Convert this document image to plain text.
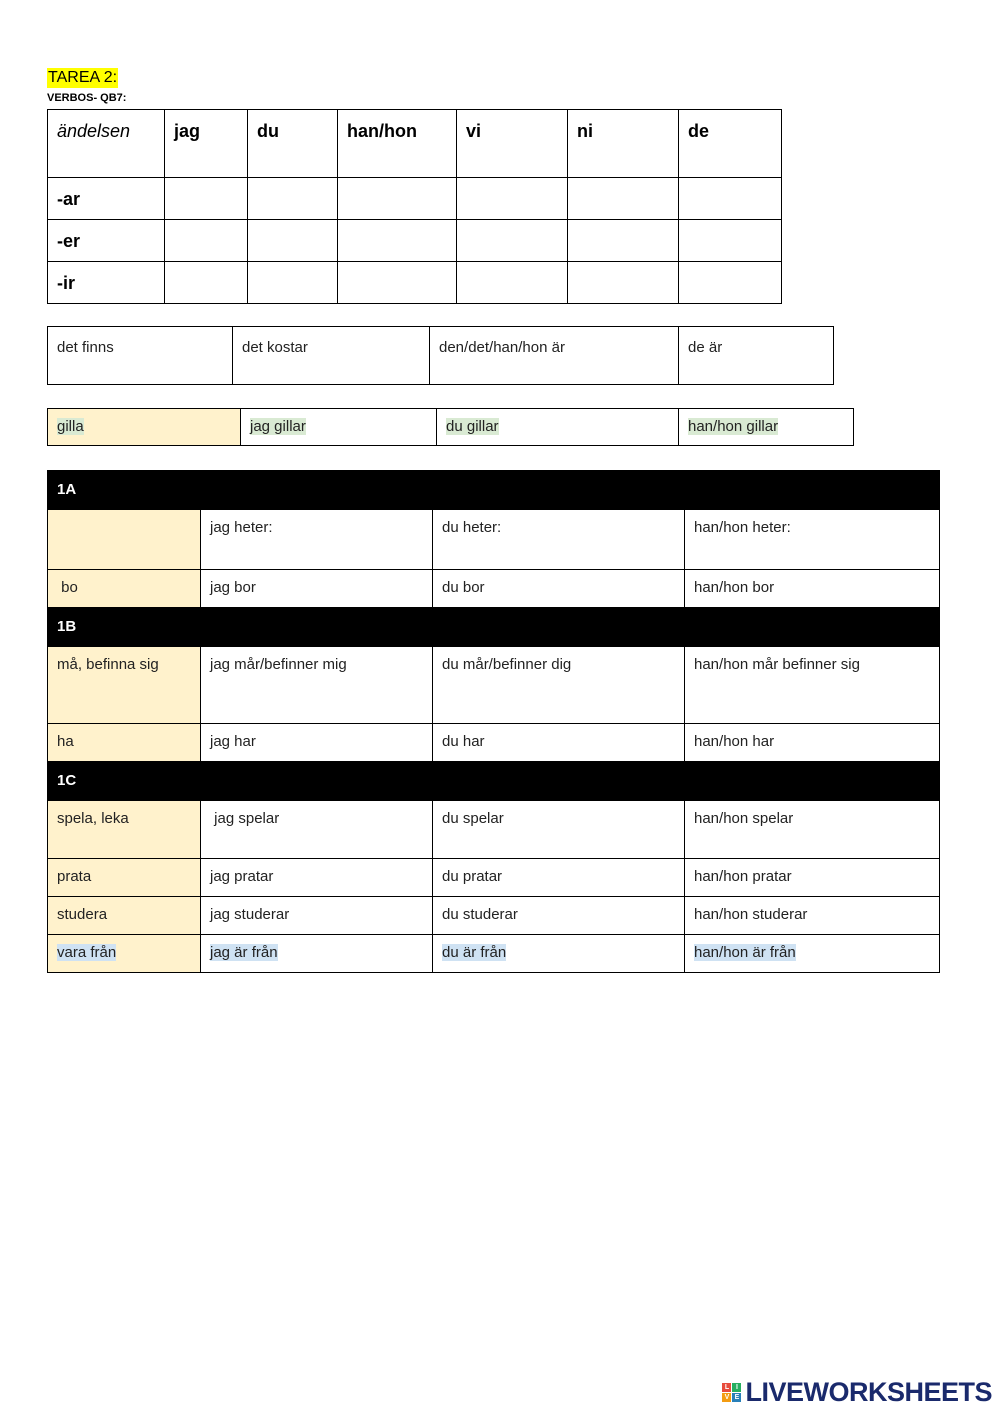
TAREA 2:
VERBOS- QB7:
ändelsen	jag	du	han/hon	vi	ni	de
-ar						
-er						
-ir						
det finns	det kostar	den/det/han/hon är	de är
gilla	jag gillar	du gillar	han/hon gillar
1A			
	jag heter:	du heter:	han/hon heter:
bo	jag bor	du bor	han/hon bor
1B			
må, befinna sig	jag mår/befinner mig	du mår/befinner dig	han/hon mår befinner sig
ha	jag har	du har	han/hon har
1C			
spela, leka	jag spelar	du spelar	han/hon spelar
prata	jag pratar	du pratar	han/hon pratar
studera	jag studerar	du studerar	han/hon studerar
vara från	jag är från	du är från	han/hon är från
L I
V E LIVEWORKSHEETS
